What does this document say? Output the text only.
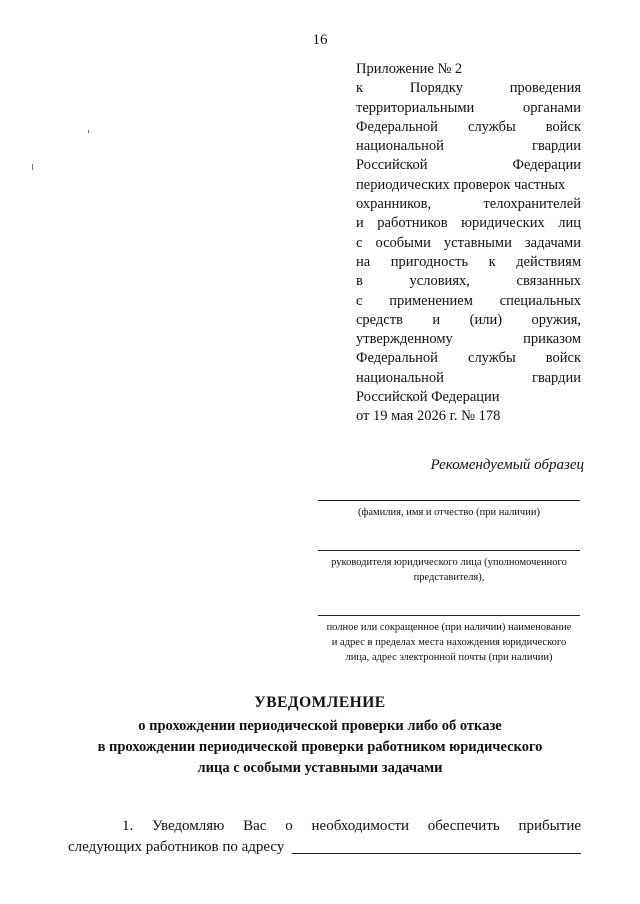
16
Приложение № 2
к Порядку проведения
территориальными органами
Федеральной службы войск
национальной гвардии
Российской Федерации
периодических проверок частных
охранников, телохранителей
и работников юридических лиц
с особыми уставными задачами
на пригодность к действиям
в условиях, связанных
с применением специальных
средств и (или) оружия,
утвержденному приказом
Федеральной службы войск
национальной гвардии
Российской Федерации
от 19 мая 2026 г. № 178
Рекомендуемый образец
(фамилия, имя и отчество (при наличии)
руководителя юридического лица (уполномоченного представителя),
полное или сокращенное (при наличии) наименование и адрес в пределах места нахождения юридического лица, адрес электронной почты (при наличии)
УВЕДОМЛЕНИЕ
о прохождении периодической проверки либо об отказе
в прохождении периодической проверки работником юридического
лица с особыми уставными задачами
1. Уведомляю Вас о необходимости обеспечить прибытие
следующих работников по адресу
